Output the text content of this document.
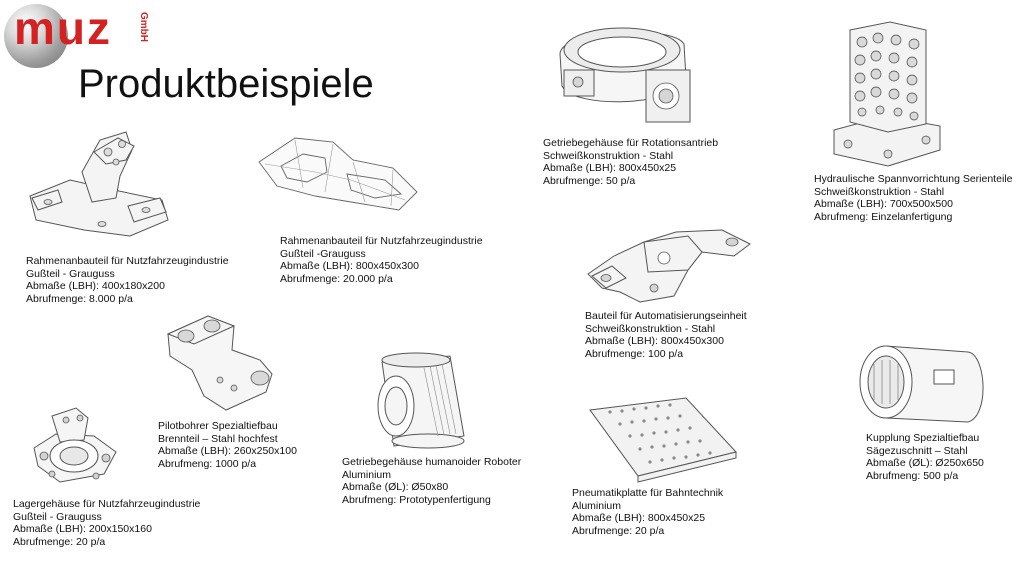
muz	GmbH
Produktbeispiele
Rahmenanbauteil für Nutzfahrzeugindustrie
Gußteil - Grauguss
Abmaße (LBH): 400x180x200
Abrufmenge: 8.000 p/a
Rahmenanbauteil für Nutzfahrzeugindustrie
Gußteil -Grauguss
Abmaße (LBH): 800x450x300
Abrufmenge: 20.000 p/a
Getriebegehäuse für Rotationsantrieb
Schweißkonstruktion - Stahl
Abmaße (LBH): 800x450x25
Abrufmenge: 50 p/a	Hydraulische Spannvorrichtung Serienteile
Schweißkonstruktion - Stahl
Abmaße (LBH): 700x500x500
Abrufmeng: Einzelanfertigung
Bauteil für Automatisierungseinheit
Schweißkonstruktion - Stahl
Abmaße (LBH): 800x450x300
Abrufmenge: 100 p/a
Pilotbohrer Spezialtiefbau
Brennteil – Stahl hochfest
Abmaße (LBH): 260x250x100
Abrufmeng: 1000 p/a	Getriebegehäuse humanoider Roboter
Aluminium
Abmaße (ØL): Ø50x80
Abrufmeng: Prototypenfertigung
Pneumatikplatte für Bahntechnik
Aluminium
Abmaße (LBH): 800x450x25
Abrufmenge: 20 p/a
Kupplung Spezialtiefbau
Sägezuschnitt – Stahl
Abmaße (ØL): Ø250x650
Abrufmeng: 500 p/a
Lagergehäuse für Nutzfahrzeugindustrie
Gußteil - Grauguss
Abmaße (LBH): 200x150x160
Abrufmenge: 20 p/a
